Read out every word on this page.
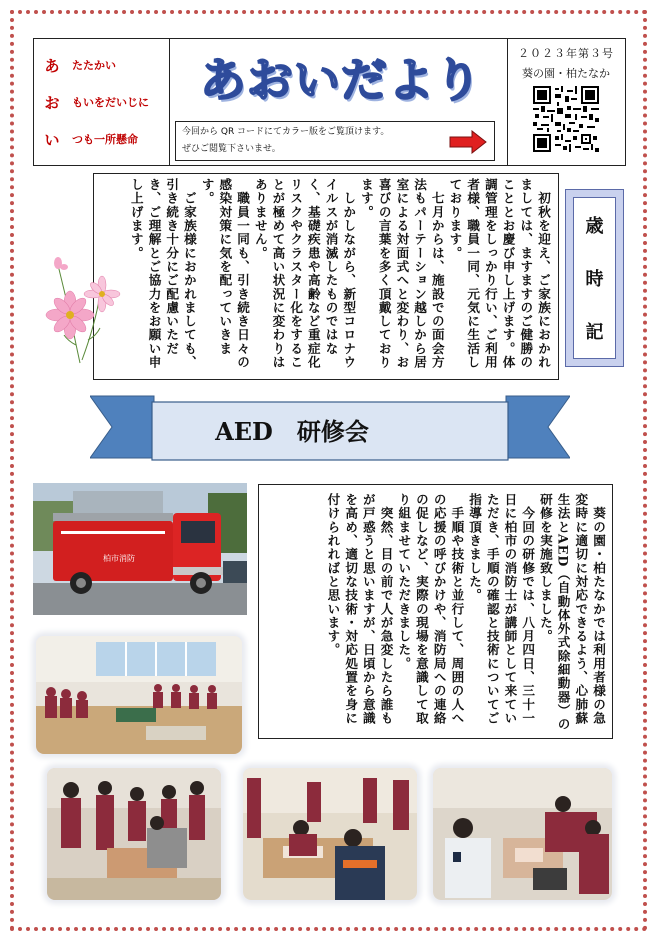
あ たたかい
お もいをだいじに
い つも一所懸命
あおいだより
今回から QR コードにてカラー版をご覧頂けます。
ぜひご閲覧下さいませ。
２０２３年第３号
葵の園・柏たなか

　初秋を迎え、ご家族におかれましては、ますますのご健勝のこととお慶び申し上げます。体調管理をしっかり行い、ご利用者様、職員一同、元気に生活しております。

　七月からは、施設での面会方法もパーテーション越しから居室による対面式へと変わり、お喜びの言葉を多く頂戴しております。

　しかしながら、新型コロナウイルスが消滅したものではなく、基礎疾患や高齢など重症化リスクやクラスター化をすることが極めて高い状況に変わりはありません。

　職員一同も、引き続き日々の感染対策に気を配っていきます。

　ご家族様におかれましても、引き続き十分にご配慮いただき、ご理解とご協力をお願い申し上げます。	歳
時
記
AED　研修会
柏市消防	　葵の園・柏たなかでは利用者様の急変時に適切に対応できるよう、心肺蘇生法とAED（自動体外式除細動器）の研修を実施致しました。

　今回の研修では、八月四日、三十一日に柏市の消防士が講師として来ていただき、手順の確認と技術についてご指導頂きました。

　手順や技術と並行して、周囲の人への応援の呼びかけや、消防局への連絡の促しなど、実際の現場を意識して取り組ませていただきました。

　突然、目の前で人が急変したら誰もが戸惑うと思いますが、日頃から意識を高め、適切な技術・対応処置を身に付けられればと思います。
